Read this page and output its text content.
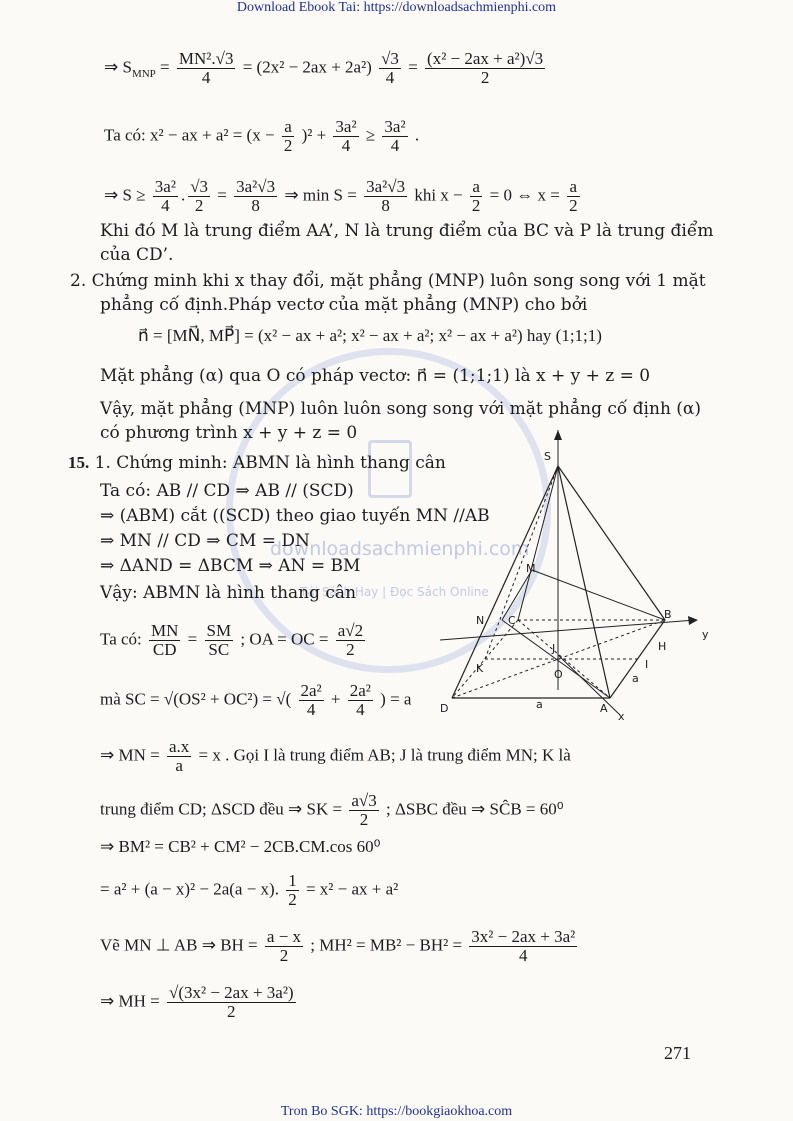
Download Ebook Tai: https://downloadsachmienphi.com
downloadsachmienphi.com
Tải Sách Hay | Đọc Sách Online
⇒ $S_{MNP} = \frac{\text{MN².√3}}{4} = (2x^2 - 2ax + 2a^2) \frac{√3}{4} = \frac{\text{(x² − 2ax + a²)√3}}{2}$
Ta có: x² − ax + $a^2 = (x - \frac{a}{2} )^2 + \frac{\text{3a²}}{4} \ge \frac{\text{3a²}}{4}$ .
⇒ $S \ge \frac{\text{3a²}}{4}$ . $\frac{√3}{2} = \frac{\text{3a²√3}}{8}$ ⇒ $\min S = \frac{\text{3a²√3}}{8}$ khi $x - \frac{a}{2} = 0$ ⇔ $x = \frac{a}{2}$
Khi đó M là trung điểm AA’, N là trung điểm của BC và P là trung điểm
của CD’.
2. Chứng minh khi x thay đổi, mặt phẳng (MNP) luôn song song với 1 mặt
phẳng cố định.Pháp vectơ của mặt phẳng (MNP) cho bởi
n⃗ = [MN⃗, MP⃗] = (x² − ax + a²; x² − ax + a²; x² − ax + a²) hay (1;1;1)
Mặt phẳng (α) qua O có pháp vectơ: n⃗ = (1;1;1) là x + y + z = 0
Vậy, mặt phẳng (MNP) luôn luôn song song với mặt phẳng cố định (α)
có phương trình x + y + z = 0
15. 1. Chứng minh: ABMN là hình thang cân
Ta có: AB // CD ⇒ AB // (SCD)
⇒ (ABM) cắt ((SCD) theo giao tuyến MN //AB
⇒ MN // CD ⇒ CM = DN
⇒ ΔAND = ΔBCM ⇒ AN = BM
Vậy: ABMN là hình thang cân
Ta có: $\frac{MN}{CD} = \frac{SM}{SC}$ ; OA = OC = $\frac{a√2}{2}$
mà SC = √(OS² + OC²) = √( $\frac{\text{2a²}}{4} + \frac{\text{2a²}}{4}$ ) = a
⇒ MN = $\frac{a.x}{a} = x$ . Gọi I là trung điểm AB; J là trung điểm MN; K là
trung điểm CD; ΔSCD đều ⇒ SK = $\frac{a√3}{2}$ ; ΔSBC đều ⇒ SĈB = 60⁰
⇒ BM² = CB² + CM² − 2CB.CM.cos 60⁰
= a² + (a − x)² − 2a(a − x). $\frac{1}{2} = x^2$ − ax + a²
Vẽ MN ⊥ AB ⇒ BH = $\frac{a - x}{2}$ ; $MH^2 = MB^2 - BH^2 = \frac{\text{3x² − 2ax + 3a²}}{4}$
⇒ MH = $\frac{\text{√(3x² − 2ax + 3a²)}}{2}$
S
M
N C	B
H
J
K	O
I
D	A
a
a
x
y
271
Tron Bo SGK: https://bookgiaokhoa.com
